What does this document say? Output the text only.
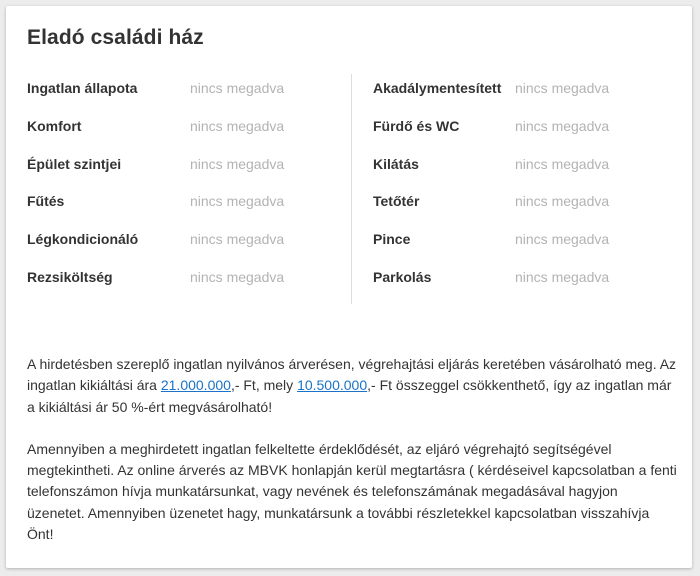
Eladó családi ház
Ingatlan állapota	nincs megadva
Komfort	nincs megadva
Épület szintjei	nincs megadva
Fűtés	nincs megadva
Légkondicionáló	nincs megadva
Rezsiköltség	nincs megadva
Akadálymentesített nincs megadva
Fürdő és WC	nincs megadva
Kilátás	nincs megadva
Tetőtér	nincs megadva
Pince	nincs megadva
Parkolás	nincs megadva

A hirdetésben szereplő ingatlan nyilvános árverésen, végrehajtási eljárás keretében vásárolható meg. Az ingatlan kikiáltási ára 21.000.000,- Ft, mely 10.500.000,- Ft összeggel csökkenthető, így az ingatlan már a kikiáltási ár 50 %-ért megvásárolható!

Amennyiben a meghirdetett ingatlan felkeltette érdeklődését, az eljáró végrehajtó segítségével megtekintheti. Az online árverés az MBVK honlapján kerül megtartásra ( kérdéseivel kapcsolatban a fenti telefonszámon hívja munkatársunkat, vagy nevének és telefonszámának megadásával hagyjon üzenetet. Amennyiben üzenetet hagy, munkatársunk a további részletekkel kapcsolatban visszahívja Önt!
